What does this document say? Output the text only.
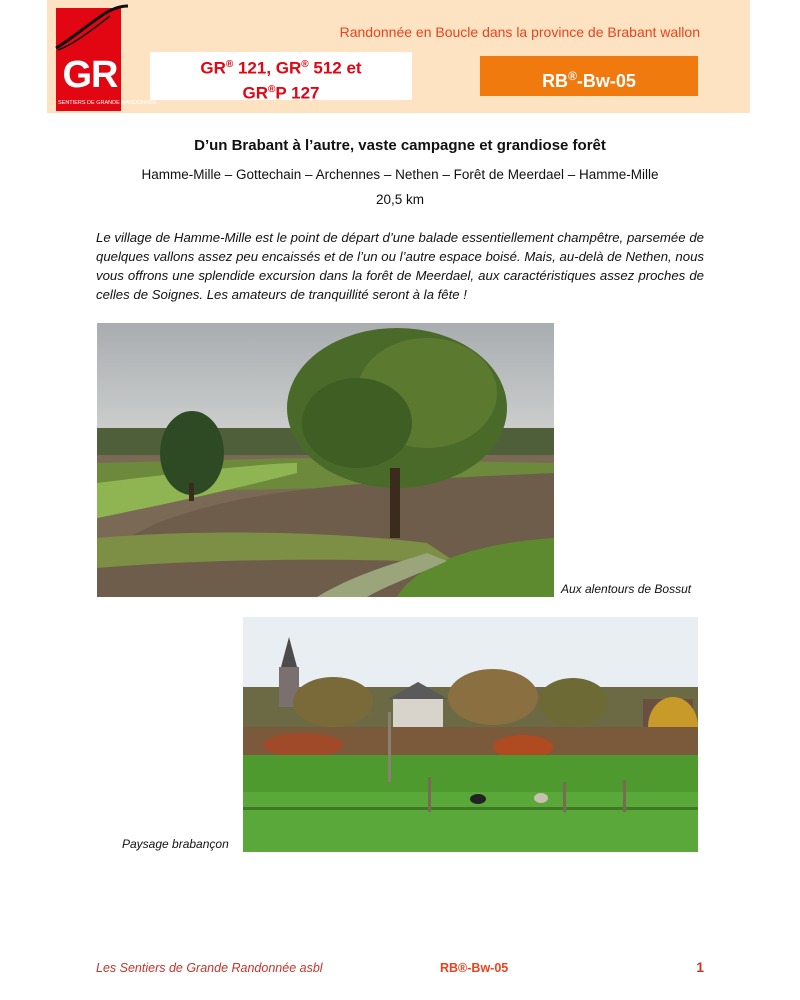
GR
SENTIERS DE GRANDE RANDONNÉE
Randonnée en Boucle dans la province de Brabant wallon
GR® 121, GR® 512 et
GR®P 127
RB®-Bw-05
D’un Brabant à l’autre, vaste campagne et grandiose forêt
Hamme-Mille – Gottechain – Archennes – Nethen – Forêt de Meerdael – Hamme-Mille
20,5 km
Le village de Hamme-Mille est le point de départ d’une balade essentiellement champêtre, parsemée de quelques vallons assez peu encaissés et de l’un ou l’autre espace boisé. Mais, au-delà de Nethen, nous vous offrons une splendide excursion dans la forêt de Meerdael, aux caractéristiques assez proches de celles de Soignes. Les amateurs de tranquillité seront à la fête !
Aux alentours de Bossut
Paysage brabançon
Les Sentiers de Grande Randonnée asbl	RB®-Bw-05	1
